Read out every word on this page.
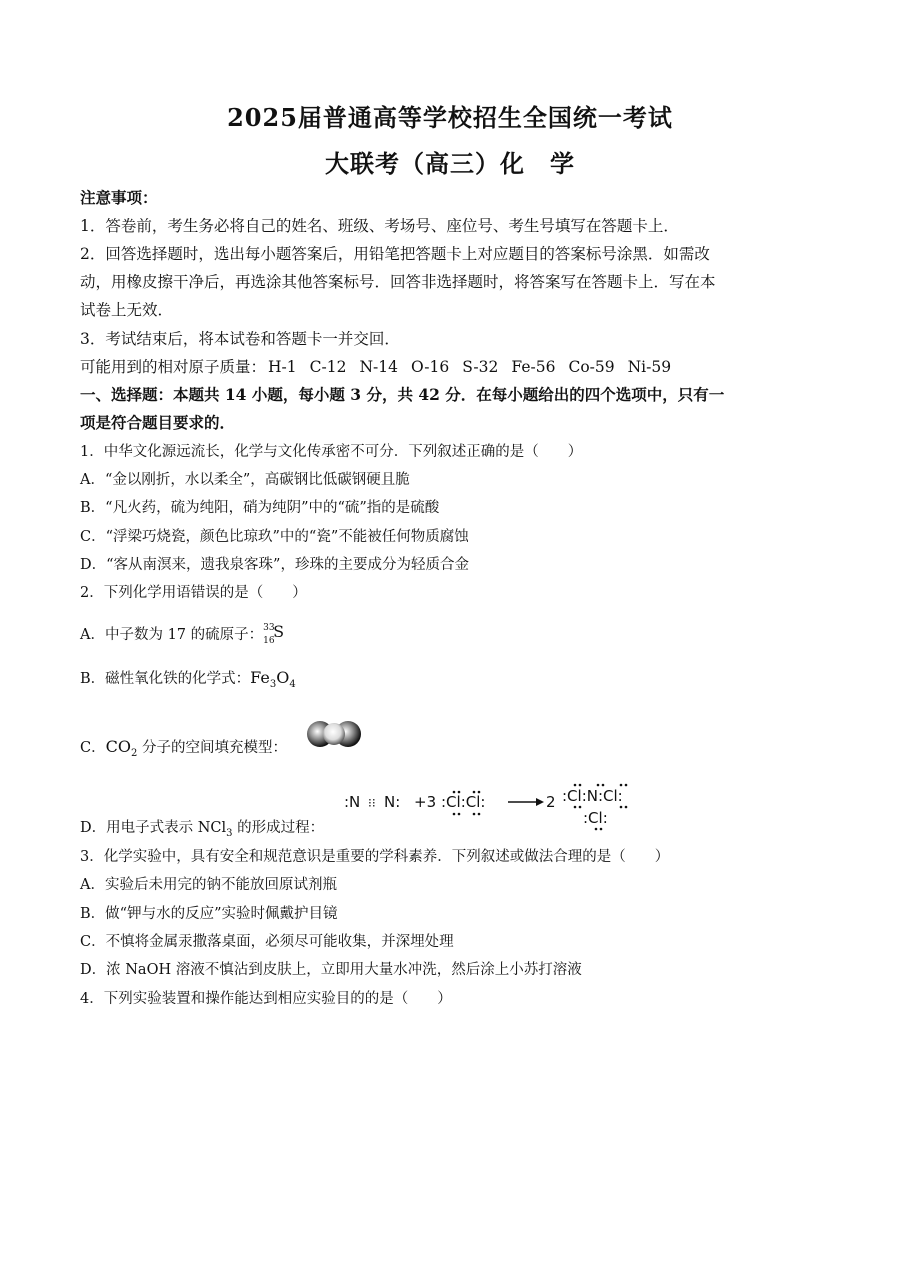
2025届普通高等学校招生全国统一考试
大联考（高三）化　学
注意事项：
1．答卷前，考生务必将自己的姓名、班级、考场号、座位号、考生号填写在答题卡上．
2．回答选择题时，选出每小题答案后，用铅笔把答题卡上对应题目的答案标号涂黑．如需改
动，用橡皮擦干净后，再选涂其他答案标号．回答非选择题时，将答案写在答题卡上．写在本
试卷上无效．
3．考试结束后，将本试卷和答题卡一并交回．
可能用到的相对原子质量： H-1 C-12 N-14 O-16 S-32 Fe-56 Co-59 Ni-59
一、选择题：本题共 14 小题，每小题 3 分，共 42 分．在每小题给出的四个选项中，只有一
项是符合题目要求的．
1．中华文化源远流长，化学与文化传承密不可分．下列叙述正确的是（　　）
A．“金以刚折，水以柔全”，高碳钢比低碳钢硬且脆
B．“凡火药，硫为纯阳，硝为纯阴”中的“硫”指的是硫酸
C．“浮梁巧烧瓷，颜色比琼玖”中的“瓷”不能被任何物质腐蚀
D．“客从南溟来，遗我泉客珠”，珍珠的主要成分为轻质合金
2．下列化学用语错误的是（　　）
A．中子数为 17 的硫原子： 33
16
S
B．磁性氧化铁的化学式：$Fe_3O_4$
C．$CO_2$ 分子的空间填充模型：
:N ⁝⁝ N: +3 :Cl:Cl:	2 :Cl:N:Cl:
:Cl:
D．用电子式表示 NCl$_3$ 的形成过程：
3．化学实验中，具有安全和规范意识是重要的学科素养．下列叙述或做法合理的是（　　）
A．实验后未用完的钠不能放回原试剂瓶
B．做“钾与水的反应”实验时佩戴护目镜
C．不慎将金属汞撒落桌面，必须尽可能收集，并深埋处理
D．浓 NaOH 溶液不慎沾到皮肤上，立即用大量水冲洗，然后涂上小苏打溶液
4．下列实验装置和操作能达到相应实验目的的是（　　）
